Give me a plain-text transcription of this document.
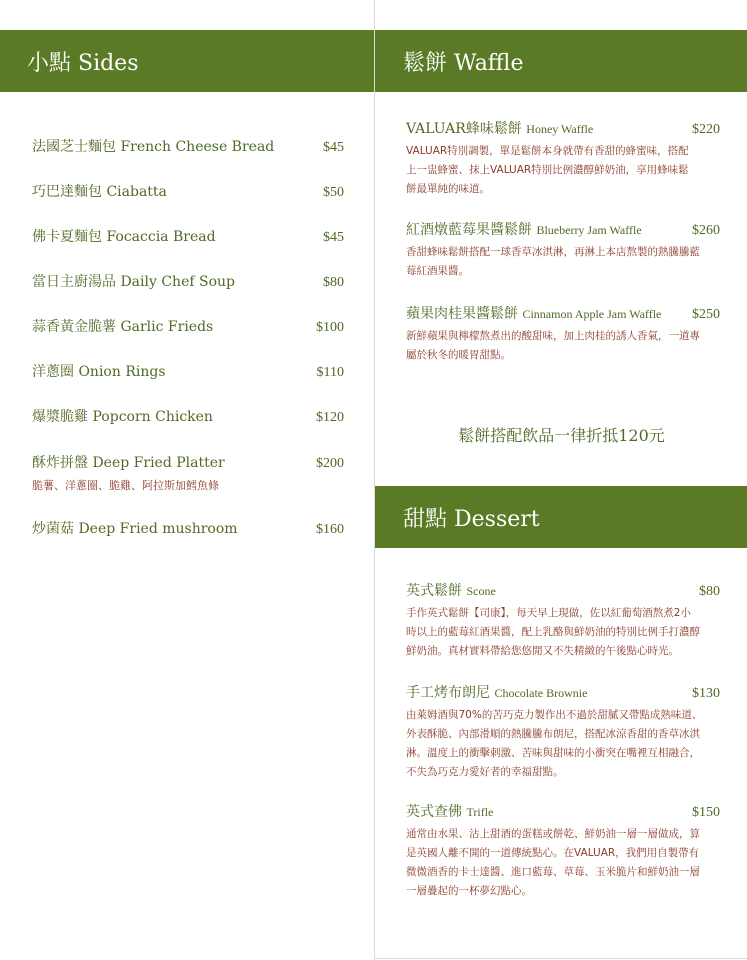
小點 Sides
法國芝士麵包 French Cheese Bread	$45
巧巴達麵包 Ciabatta	$50
佛卡夏麵包 Focaccia Bread	$45
當日主廚湯品 Daily Chef Soup	$80
蒜香黃金脆薯 Garlic Frieds	$100
洋蔥圈 Onion Rings	$110
爆漿脆雞 Popcorn Chicken	$120
酥炸拼盤 Deep Fried Platter	$200
脆薯、洋蔥圈、脆雞、阿拉斯加鱈魚條
炒菌菇 Deep Fried mushroom	$160
鬆餅 Waffle
VALUAR蜂味鬆餅 Honey Waffle	$220
VALUAR特別調製，單是鬆餅本身就帶有香甜的蜂蜜味，搭配
上一盅蜂蜜、抹上VALUAR特別比例濃醇鮮奶油，享用蜂味鬆
餅最單純的味道。
紅酒燉藍莓果醬鬆餅 Blueberry Jam Waffle	$260
香甜蜂味鬆餅搭配一球香草冰淇淋，再淋上本店熬製的熱騰騰藍
莓紅酒果醬。
蘋果肉桂果醬鬆餅 Cinnamon Apple Jam Waffle $250
新鮮蘋果與檸檬熬煮出的酸甜味，加上肉桂的誘人香氣，一道專
屬於秋冬的暖胃甜點。
鬆餅搭配飲品一律折抵120元
甜點 Dessert
英式鬆餅 Scone	$80
手作英式鬆餅【司康】，每天早上現做，佐以紅葡萄酒熬煮2小
時以上的藍莓紅酒果醬，配上乳酪與鮮奶油的特別比例手打濃醇
鮮奶油。真材實料帶給您悠閒又不失精緻的午後點心時光。
手工烤布朗尼 Chocolate Brownie	$130
由萊姆酒與70%的苦巧克力製作出不過於甜膩又帶點成熟味道、
外表酥脆、內部滑順的熱騰騰布朗尼，搭配冰涼香甜的香草冰淇
淋。溫度上的衝擊刺激、苦味與甜味的小衝突在嘴裡互相融合，
不失為巧克力愛好者的幸福甜點。
英式查佛 Trifle	$150
通常由水果、沾上甜酒的蛋糕或餅乾、鮮奶油一層一層做成，算
是英國人離不開的一道傳統點心。在VALUAR，我們用自製帶有
微微酒香的卡士達醬、進口藍莓、草莓、玉米脆片和鮮奶油一層
一層疊起的一杯夢幻點心。
